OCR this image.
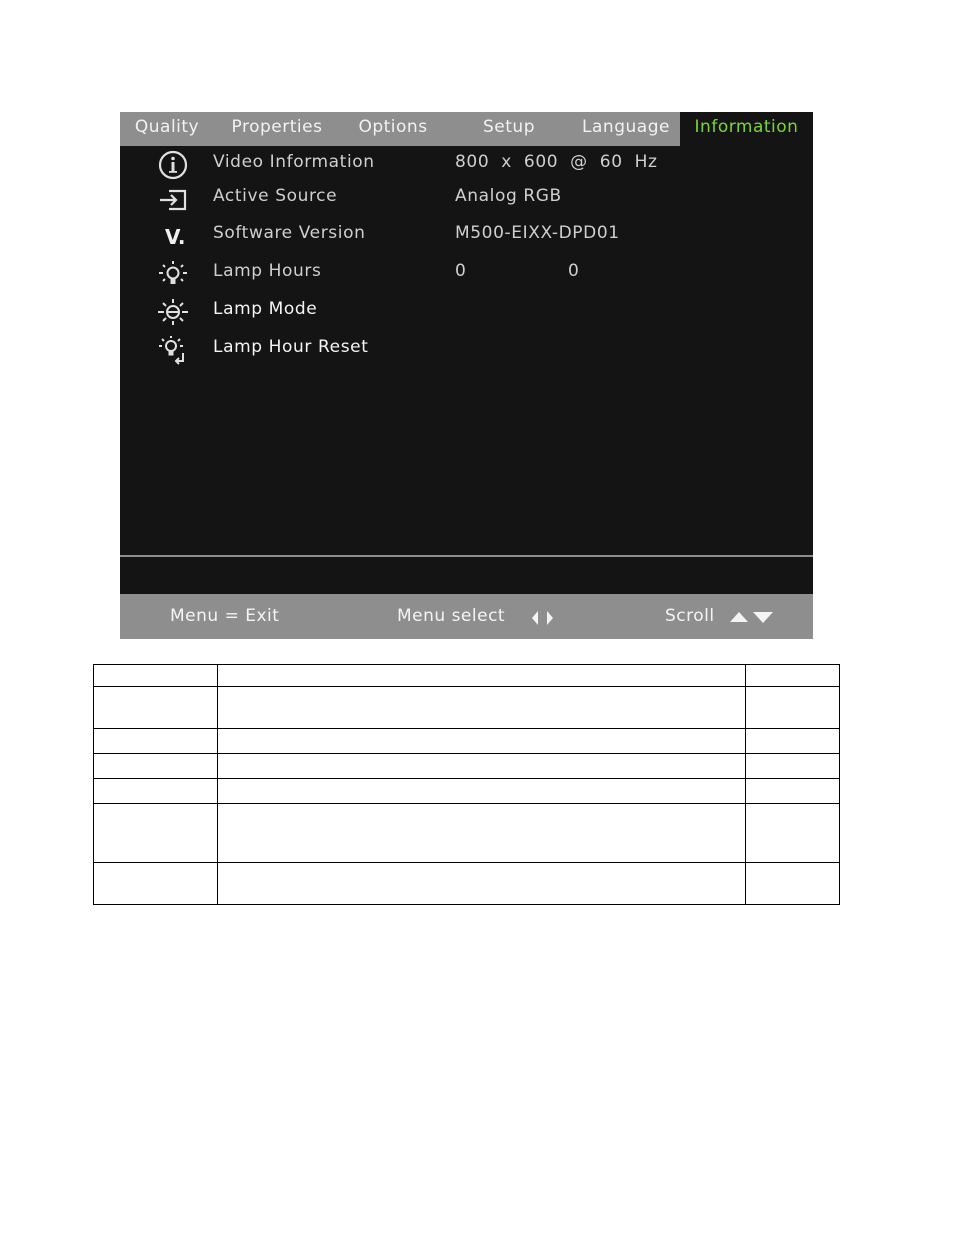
Quality	Properties	Options	Setup	Language	Information
Video Information	800  x  600  @  60  Hz
Active Source	Analog RGB
V. Software Version	M500-EIXX-DPD01
Lamp Hours	0	0
Lamp Mode
Lamp Hour Reset
Menu = Exit	Menu select	Scroll
